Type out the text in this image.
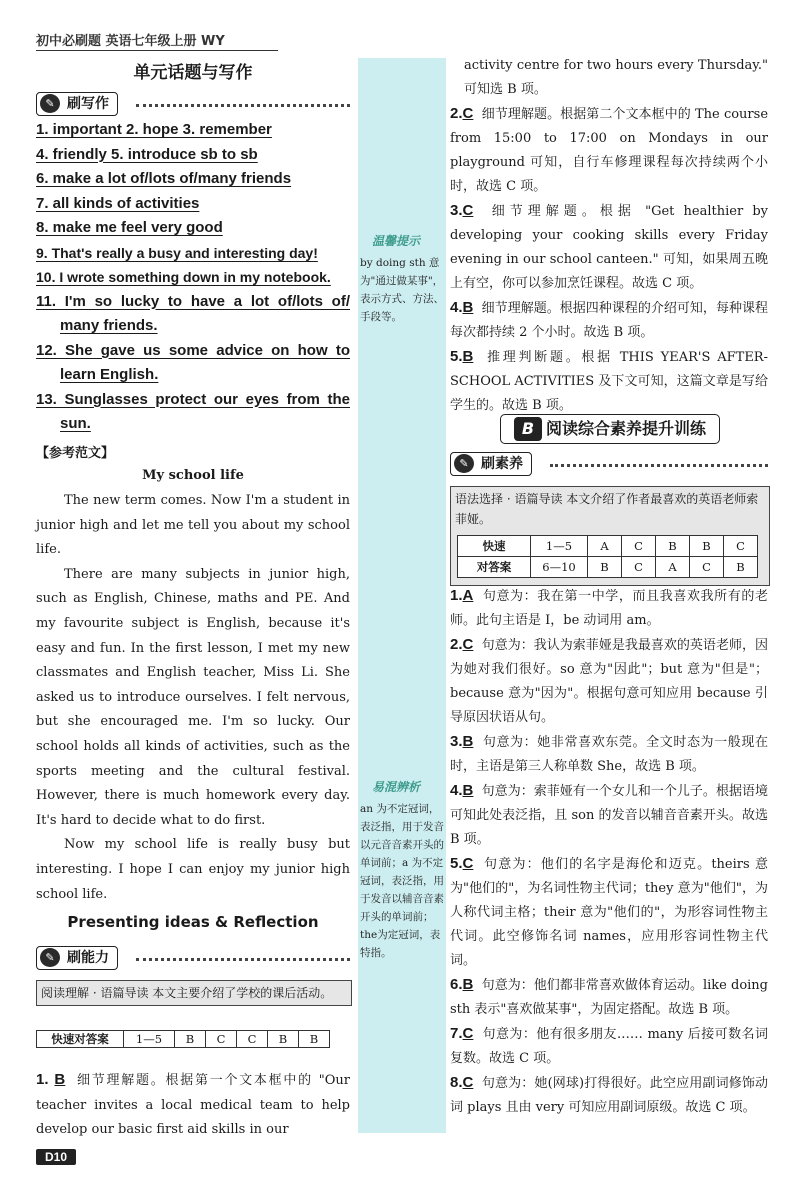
初中必刷题 英语七年级上册 WY
单元话题与写作
✎ 刷写作

1. important 2. hope 3. remember

4. friendly 5. introduce sb to sb

6. make a lot of/lots of/many friends

7. all kinds of activities

8. make me feel very good

9. That's really a busy and interesting day!

10. I wrote something down in my notebook.

11. I'm so lucky to have a lot of/lots of/

many friends.

12. She gave us some advice on how to

learn English.

13. Sunglasses protect our eyes from the

sun.

【参考范文】
My school life

The new term comes. Now I'm a student in junior high and let me tell you about my school life.

There are many subjects in junior high, such as English, Chinese, maths and PE. And my favourite subject is English, because it's easy and fun. In the first lesson, I met my new classmates and English teacher, Miss Li. She asked us to introduce ourselves. I felt nervous, but she encouraged me. I'm so lucky. Our school holds all kinds of activities, such as the sports meeting and the cultural festival. However, there is much homework every day. It's hard to decide what to do first.

Now my school life is really busy but interesting. I hope I can enjoy my junior high school life.

Presenting ideas & Reflection
✎ 刷能力
阅读理解 · 语篇导读 本文主要介绍了学校的课后活动。
快速对答案	1—5	B	C	C	B	B
1. B 细节理解题。根据第一个文本框中的 "Our teacher invites a local medical team to help develop our basic first aid skills in our
温馨提示
by doing sth 意为"通过做某事"，表示方式、方法、手段等。
易混辨析
an 为不定冠词，表泛指，用于发音以元音音素开头的单词前；a 为不定冠词，表泛指，用于发音以辅音音素开头的单词前；the为定冠词，表特指。
activity centre for two hours every Thursday." 可知选 B 项。

2.C 细节理解题。根据第二个文本框中的 The course from 15:00 to 17:00 on Mondays in our playground 可知，自行车修理课程每次持续两个小时，故选 C 项。

3.C 细节理解题。根据 "Get healthier by developing your cooking skills every Friday evening in our school canteen." 可知，如果周五晚上有空，你可以参加烹饪课程。故选 C 项。

4.B 细节理解题。根据四种课程的介绍可知，每种课程每次都持续 2 个小时。故选 B 项。

5.B 推理判断题。根据 THIS YEAR'S AFTER-SCHOOL ACTIVITIES 及下文可知，这篇文章是写给学生的。故选 B 项。

B 阅读综合素养提升训练
✎ 刷素养
语法选择 · 语篇导读 本文介绍了作者最喜欢的英语老师索菲娅。
快速	1—5	A	C	B	B	C
对答案	6—10	B	C	A	C	B

1.A 句意为：我在第一中学，而且我喜欢我所有的老师。此句主语是 I，be 动词用 am。

2.C 句意为：我认为索菲娅是我最喜欢的英语老师，因为她对我们很好。so 意为"因此"；but 意为"但是"；because 意为"因为"。根据句意可知应用 because 引导原因状语从句。

3.B 句意为：她非常喜欢东莞。全文时态为一般现在时，主语是第三人称单数 She，故选 B 项。

4.B 句意为：索菲娅有一个女儿和一个儿子。根据语境可知此处表泛指，且 son 的发音以辅音音素开头。故选 B 项。

5.C 句意为：他们的名字是海伦和迈克。theirs 意为"他们的"，为名词性物主代词；they 意为"他们"，为人称代词主格；their 意为"他们的"，为形容词性物主代词。此空修饰名词 names，应用形容词性物主代词。

6.B 句意为：他们都非常喜欢做体育运动。like doing sth 表示"喜欢做某事"，为固定搭配。故选 B 项。

7.C 句意为：他有很多朋友…… many 后接可数名词复数。故选 C 项。

8.C 句意为：她(网球)打得很好。此空应用副词修饰动词 plays 且由 very 可知应用副词原级。故选 C 项。

D10
